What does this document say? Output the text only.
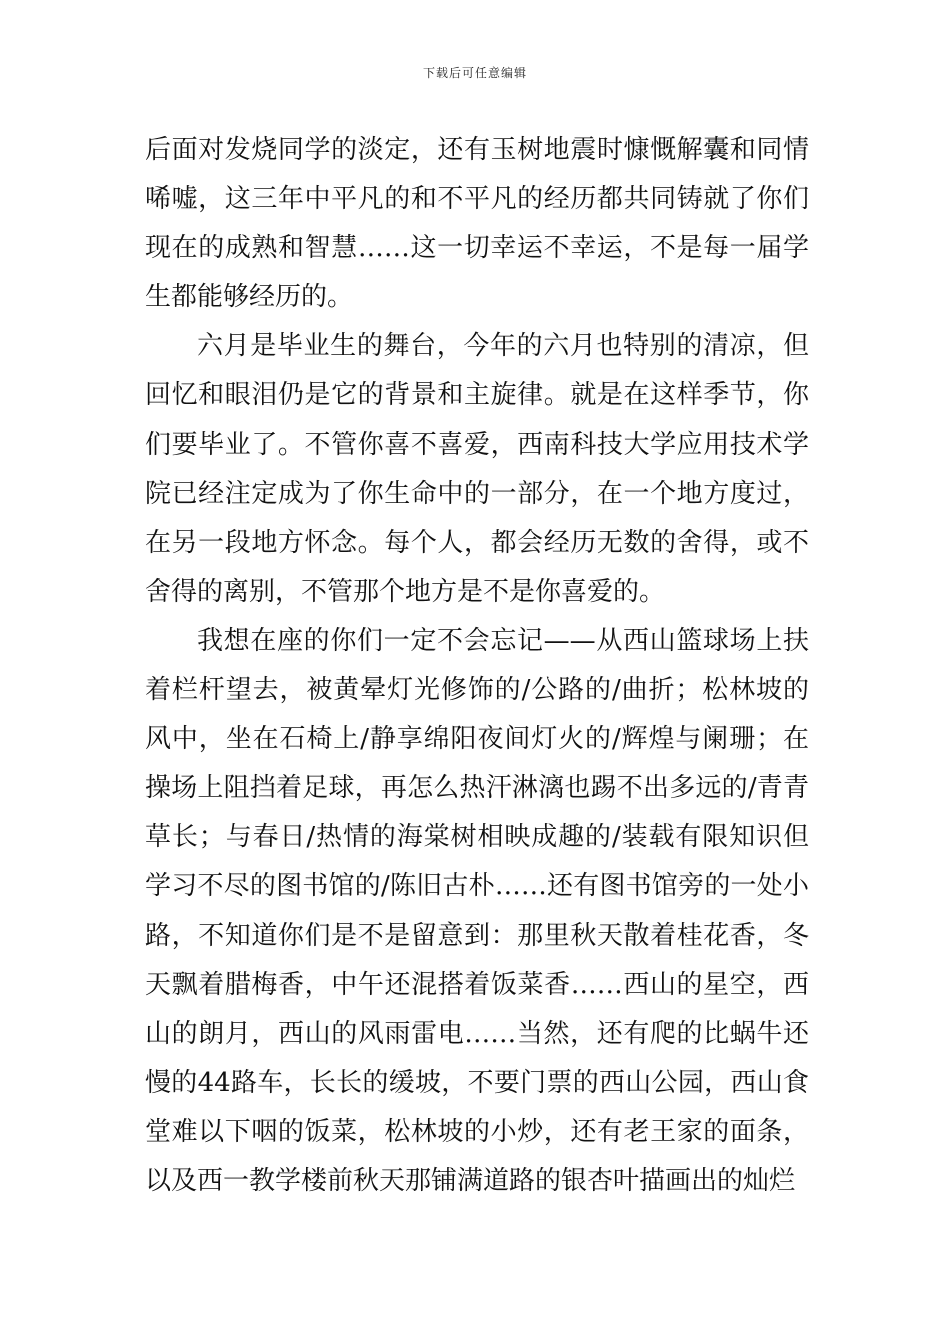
下载后可任意编辑

后面对发烧同学的淡定，还有玉树地震时慷慨解囊和同情唏嘘，这三年中平凡的和不平凡的经历都共同铸就了你们现在的成熟和智慧……这一切幸运不幸运，不是每一届学生都能够经历的。

六月是毕业生的舞台，今年的六月也特别的清凉，但回忆和眼泪仍是它的背景和主旋律。就是在这样季节，你们要毕业了。不管你喜不喜爱，西南科技大学应用技术学院已经注定成为了你生命中的一部分，在一个地方度过，在另一段地方怀念。每个人，都会经历无数的舍得，或不舍得的离别，不管那个地方是不是你喜爱的。

我想在座的你们一定不会忘记——从西山篮球场上扶着栏杆望去，被黄晕灯光修饰的/公路的/曲折；松林坡的风中，坐在石椅上/静享绵阳夜间灯火的/辉煌与阑珊；在操场上阻挡着足球，再怎么热汗淋漓也踢不出多远的/青青草长；与春日/热情的海棠树相映成趣的/装载有限知识但学习不尽的图书馆的/陈旧古朴……还有图书馆旁的一处小路，不知道你们是不是留意到：那里秋天散着桂花香，冬天飘着腊梅香，中午还混搭着饭菜香……西山的星空，西山的朗月，西山的风雨雷电……当然，还有爬的比蜗牛还慢的44路车，长长的缓坡，不要门票的西山公园，西山食堂难以下咽的饭菜，松林坡的小炒，还有老王家的面条，以及西一教学楼前秋天那铺满道路的银杏叶描画出的灿烂
